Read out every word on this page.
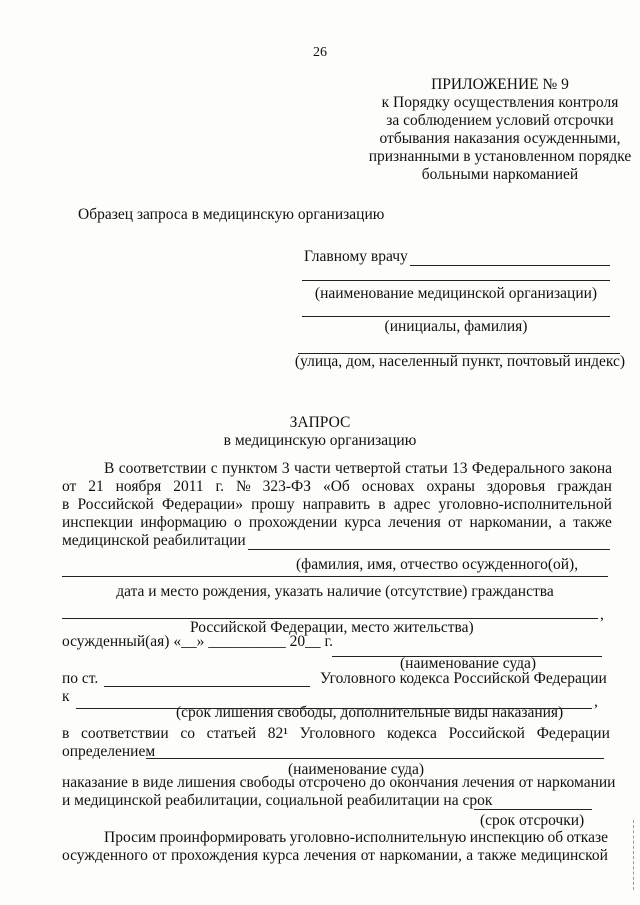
26
ПРИЛОЖЕНИЕ № 9
к Порядку осуществления контроля
за соблюдением условий отсрочки
отбывания наказания осужденными,
признанными в установленном порядке
больными наркоманией
Образец запроса в медицинскую организацию
Главному врачу
(наименование медицинской организации)
(инициалы, фамилия)
(улица, дом, населенный пункт, почтовый индекс)
ЗАПРОС
в медицинскую организацию
В соответствии с пунктом 3 части четвертой статьи 13 Федерального закона
от 21 ноября 2011 г. № 323-ФЗ «Об основах охраны здоровья граждан
в Российской Федерации» прошу направить в адрес уголовно-исполнительной
инспекции информацию о прохождении курса лечения от наркомании, а также
медицинской реабилитации
(фамилия, имя, отчество осужденного(ой),
дата и место рождения, указать наличие (отсутствие) гражданства
,
Российской Федерации, место жительства)
осужденный(ая) «__» __________ 20__ г.
(наименование суда)
по ст.	Уголовного кодекса Российской Федерации
к	,
(срок лишения свободы, дополнительные виды наказания)
в соответствии со статьей 82¹ Уголовного кодекса Российской Федерации
определением
(наименование суда)
наказание в виде лишения свободы отсрочено до окончания лечения от наркомании
и медицинской реабилитации, социальной реабилитации на срок
(срок отсрочки)
Просим проинформировать уголовно-исполнительную инспекцию об отказе
осужденного от прохождения курса лечения от наркомании, а также медицинской
